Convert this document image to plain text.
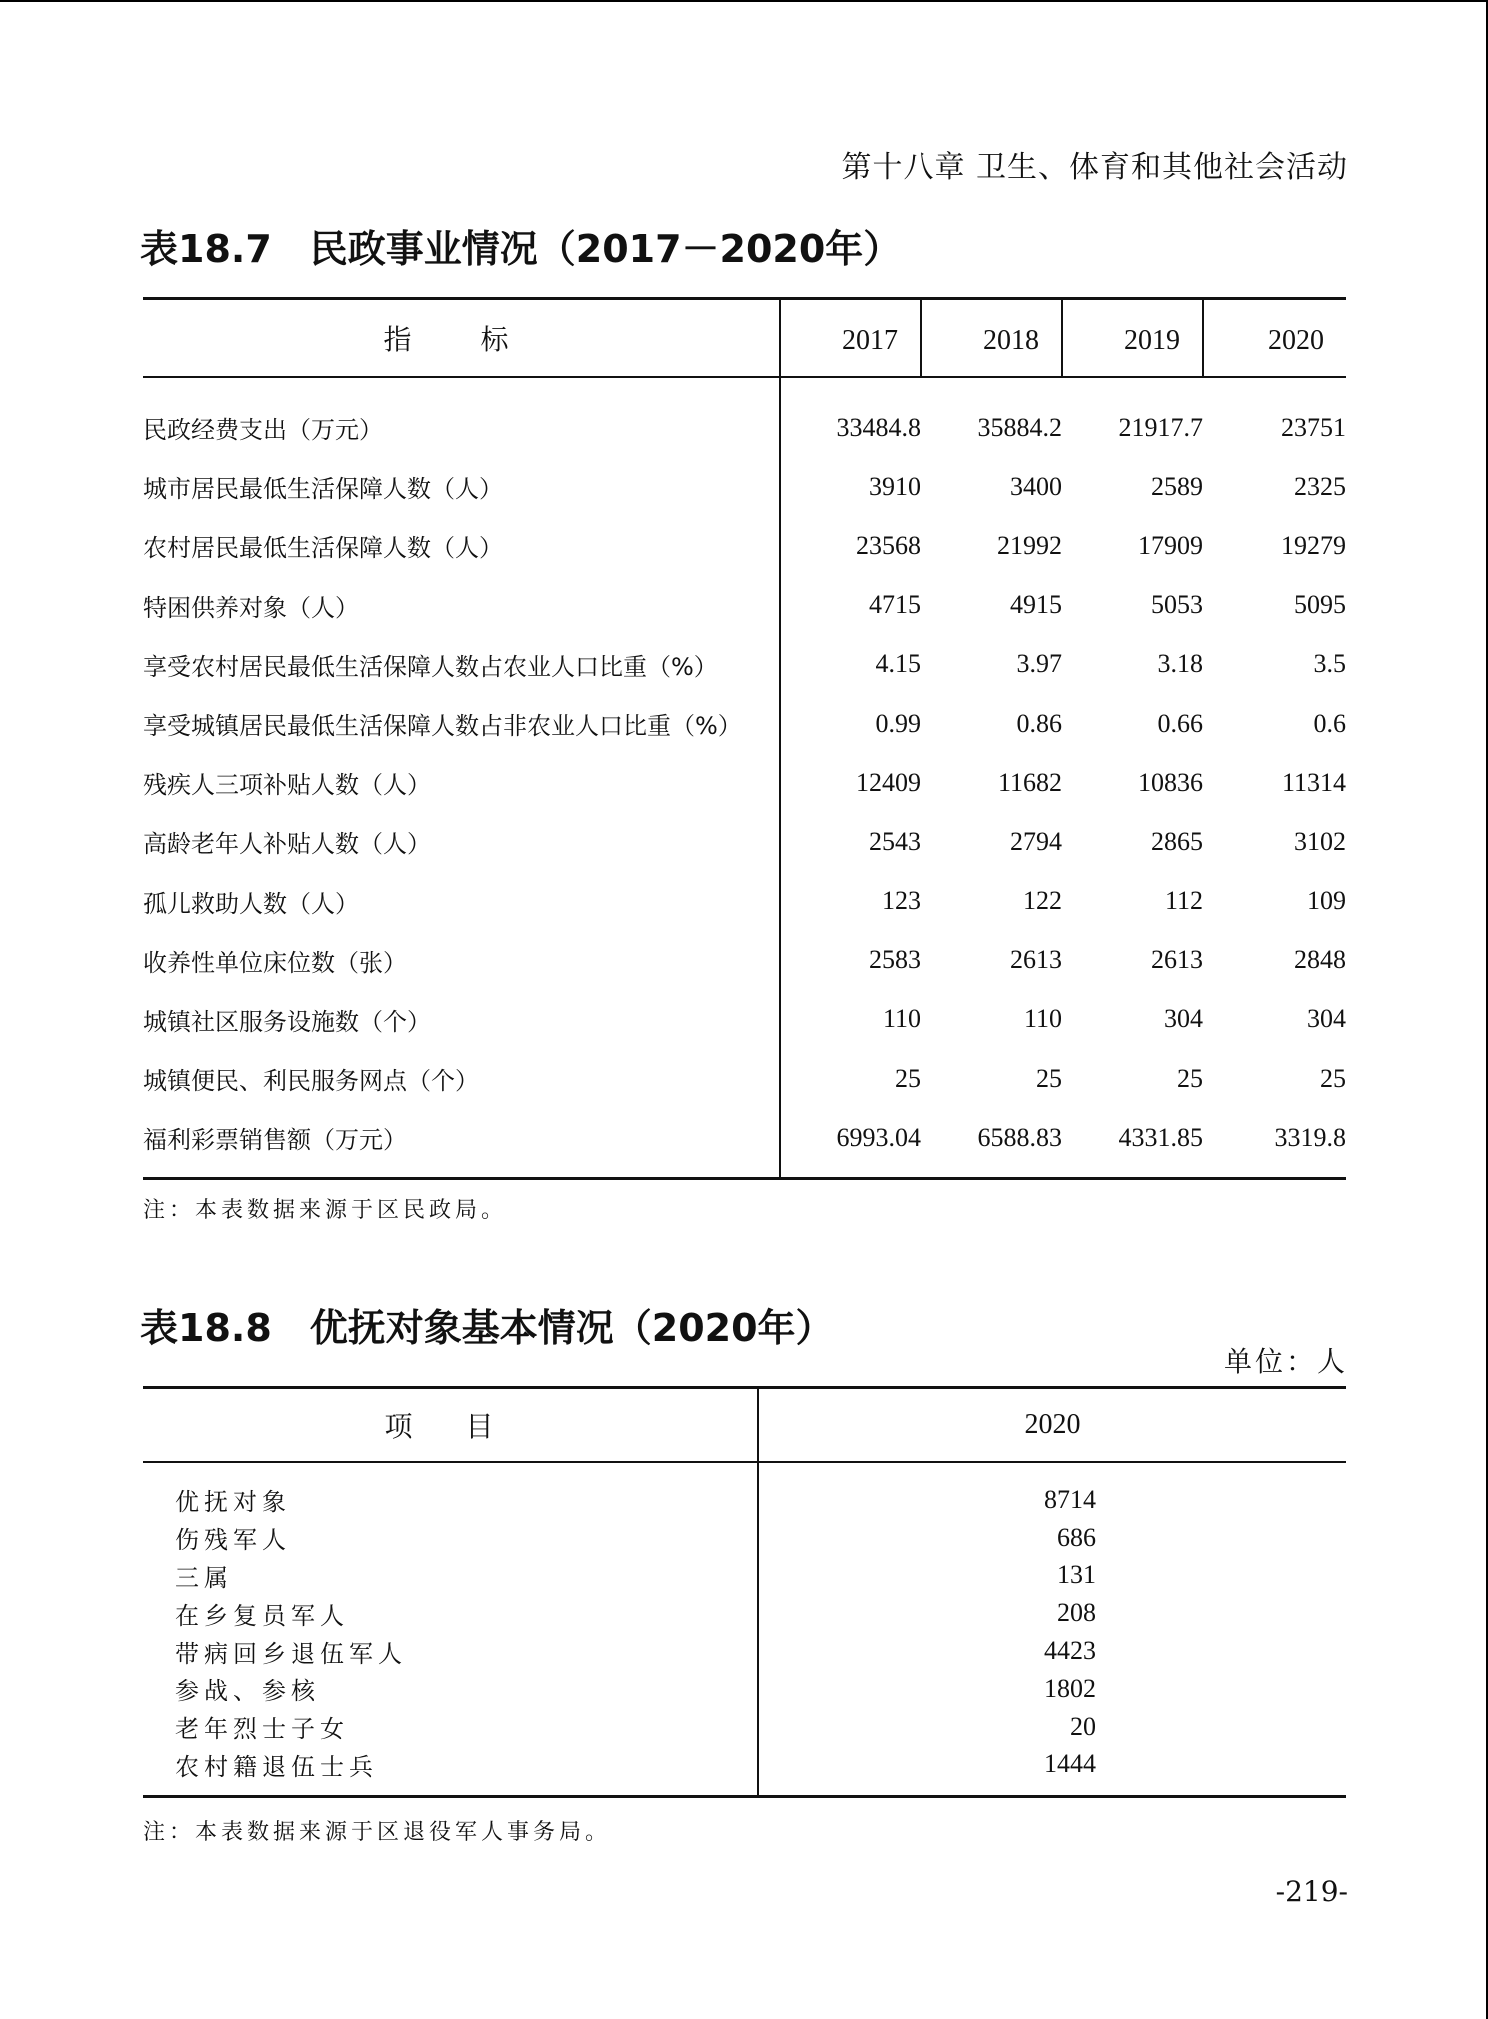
第十八章 卫生、体育和其他社会活动
表18.7 民政事业情况（2017－2020年）
指 标	2017	2018	2019	2020
民政经费支出（万元）	33484.8	35884.2	21917.7	23751
城市居民最低生活保障人数（人）	3910	3400	2589	2325
农村居民最低生活保障人数（人）	23568	21992	17909	19279
特困供养对象（人）	4715	4915	5053	5095
享受农村居民最低生活保障人数占农业人口比重（%）	4.15	3.97	3.18	3.5
享受城镇居民最低生活保障人数占非农业人口比重（%）	0.99	0.86	0.66	0.6
残疾人三项补贴人数（人）	12409	11682	10836	11314
高龄老年人补贴人数（人）	2543	2794	2865	3102
孤儿救助人数（人）	123	122	112	109
收养性单位床位数（张）	2583	2613	2613	2848
城镇社区服务设施数（个）	110	110	304	304
城镇便民、利民服务网点（个）	25	25	25	25
福利彩票销售额（万元）	6993.04	6588.83	4331.85	3319.8
注：本表数据来源于区民政局。
表18.8 优抚对象基本情况（2020年）
单位：人
项 目	2020
优抚对象	8714
伤残军人	686
三属	131
在乡复员军人	208
带病回乡退伍军人	4423
参战、参核	1802
老年烈士子女	20
农村籍退伍士兵	1444
注：本表数据来源于区退役军人事务局。
-219-
